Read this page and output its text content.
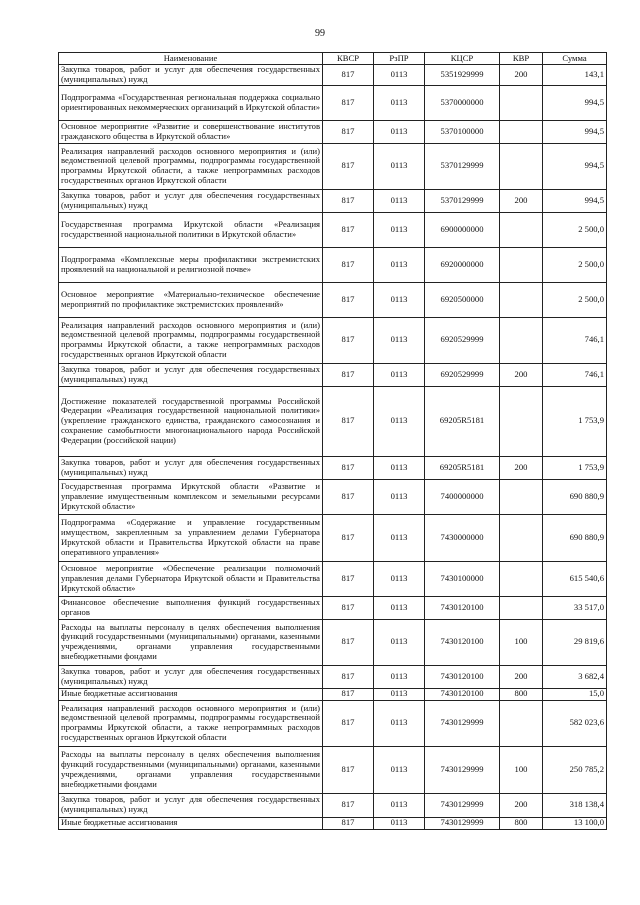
99
Наименование	КВСР	РзПР	КЦСР	КВР	Сумма
Закупка товаров, работ и услуг для обеспечения государственных (муниципальных) нужд	817	0113	5351929999	200	143,1
Подпрограмма «Государственная региональная поддержка социально ориентированных некоммерческих организаций в Иркутской области»	817	0113	5370000000		994,5
Основное мероприятие «Развитие и совершенствование институтов гражданского общества в Иркутской области»	817	0113	5370100000		994,5
Реализация направлений расходов основного мероприятия и (или) ведомственной целевой программы, подпрограммы государственной программы Иркутской области, а также непрограммных расходов государственных органов Иркутской области	817	0113	5370129999		994,5
Закупка товаров, работ и услуг для обеспечения государственных (муниципальных) нужд	817	0113	5370129999	200	994,5
Государственная программа Иркутской области «Реализация государственной национальной политики в Иркутской области»	817	0113	6900000000		2 500,0
Подпрограмма «Комплексные меры профилактики экстремистских проявлений на национальной и религиозной почве»	817	0113	6920000000		2 500,0
Основное мероприятие «Материально-техническое обеспечение мероприятий по профилактике экстремистских проявлений»	817	0113	6920500000		2 500,0
Реализация направлений расходов основного мероприятия и (или) ведомственной целевой программы, подпрограммы государственной программы Иркутской области, а также непрограммных расходов государственных органов Иркутской области	817	0113	6920529999		746,1
Закупка товаров, работ и услуг для обеспечения государственных (муниципальных) нужд	817	0113	6920529999	200	746,1
Достижение показателей государственной программы Российской Федерации «Реализация государственной национальной политики» (укрепление гражданского единства, гражданского самосознания и сохранение самобытности многонационального народа Российской Федерации (российской нации)	817	0113	69205R5181		1 753,9
Закупка товаров, работ и услуг для обеспечения государственных (муниципальных) нужд	817	0113	69205R5181	200	1 753,9
Государственная программа Иркутской области «Развитие и управление имущественным комплексом и земельными ресурсами Иркутской области»	817	0113	7400000000		690 880,9
Подпрограмма «Содержание и управление государственным имуществом, закрепленным за управлением делами Губернатора Иркутской области и Правительства Иркутской области на праве оперативного управления»	817	0113	7430000000		690 880,9
Основное мероприятие «Обеспечение реализации полномочий управления делами Губернатора Иркутской области и Правительства Иркутской области»	817	0113	7430100000		615 540,6
Финансовое обеспечение выполнения функций государственных органов	817	0113	7430120100		33 517,0
Расходы на выплаты персоналу в целях обеспечения выполнения функций государственными (муниципальными) органами, казенными учреждениями, органами управления государственными внебюджетными фондами	817	0113	7430120100	100	29 819,6
Закупка товаров, работ и услуг для обеспечения государственных (муниципальных) нужд	817	0113	7430120100	200	3 682,4
Иные бюджетные ассигнования	817	0113	7430120100	800	15,0
Реализация направлений расходов основного мероприятия и (или) ведомственной целевой программы, подпрограммы государственной программы Иркутской области, а также непрограммных расходов государственных органов Иркутской области	817	0113	7430129999		582 023,6
Расходы на выплаты персоналу в целях обеспечения выполнения функций государственными (муниципальными) органами, казенными учреждениями, органами управления государственными внебюджетными фондами	817	0113	7430129999	100	250 785,2
Закупка товаров, работ и услуг для обеспечения государственных (муниципальных) нужд	817	0113	7430129999	200	318 138,4
Иные бюджетные ассигнования	817	0113	7430129999	800	13 100,0
